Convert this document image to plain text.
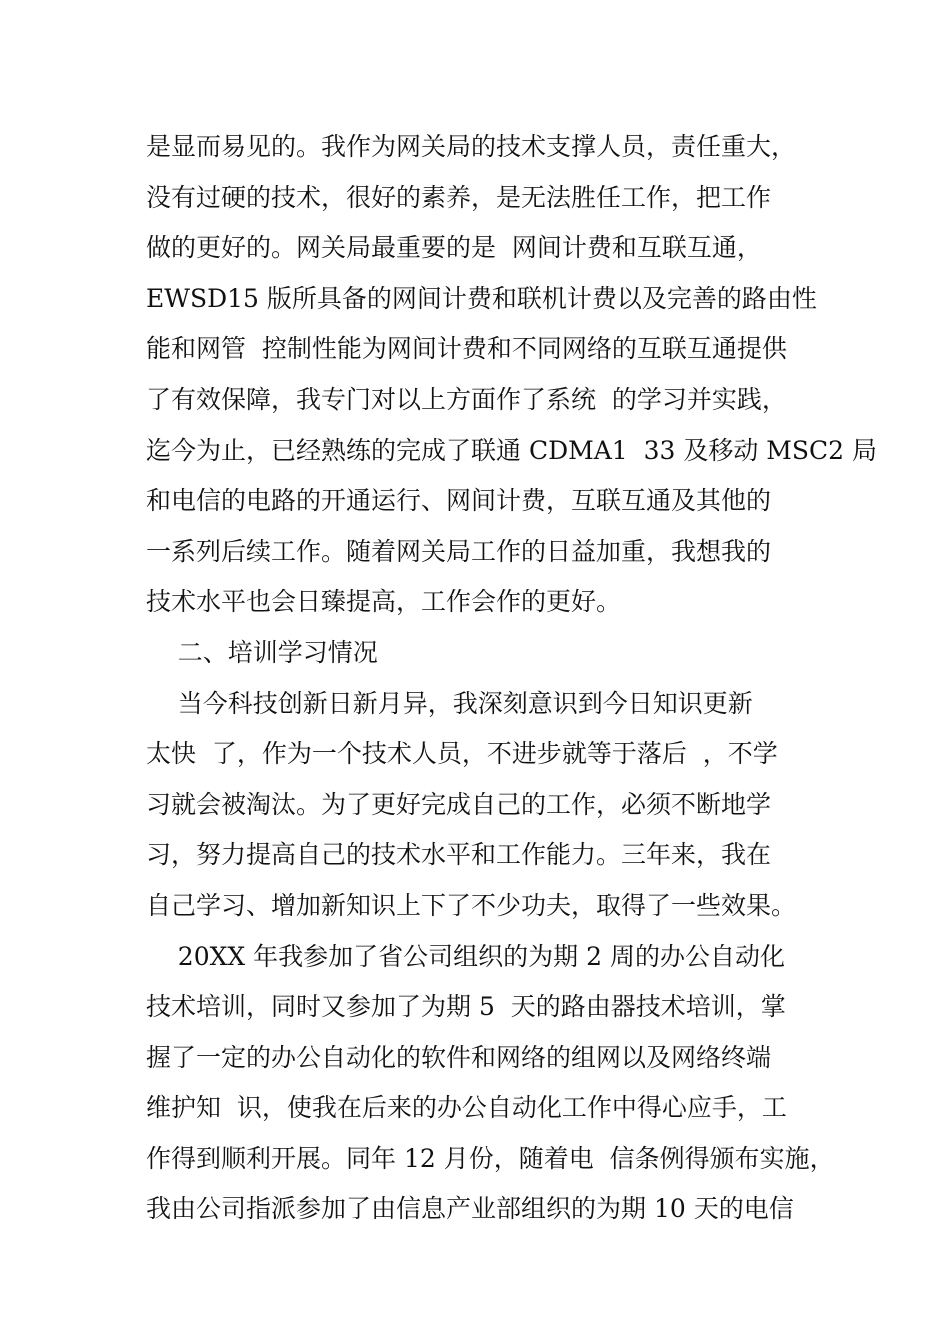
是显而易见的。我作为网关局的技术支撑人员，责任重大，
没有过硬的技术，很好的素养，是无法胜任工作，把工作
做的更好的。网关局最重要的是  网间计费和互联互通，
EWSD15 版所具备的网间计费和联机计费以及完善的路由性
能和网管  控制性能为网间计费和不同网络的互联互通提供
了有效保障，我专门对以上方面作了系统  的学习并实践，
迄今为止，已经熟练的完成了联通 CDMA1  33 及移动 MSC2 局
和电信的电路的开通运行、网间计费，互联互通及其他的
一系列后续工作。随着网关局工作的日益加重，我想我的
技术水平也会日臻提高，工作会作的更好。
二、培训学习情况
当今科技创新日新月异，我深刻意识到今日知识更新
太快  了，作为一个技术人员，不进步就等于落后  ，不学
习就会被淘汰。为了更好完成自己的工作，必须不断地学
习，努力提高自己的技术水平和工作能力。三年来，我在
自己学习、增加新知识上下了不少功夫，取得了一些效果。
20XX 年我参加了省公司组织的为期 2 周的办公自动化
技术培训，同时又参加了为期 5  天的路由器技术培训，掌
握了一定的办公自动化的软件和网络的组网以及网络终端
维护知  识，使我在后来的办公自动化工作中得心应手，工
作得到顺利开展。同年 12 月份，随着电  信条例得颁布实施，
我由公司指派参加了由信息产业部组织的为期 10 天的电信
